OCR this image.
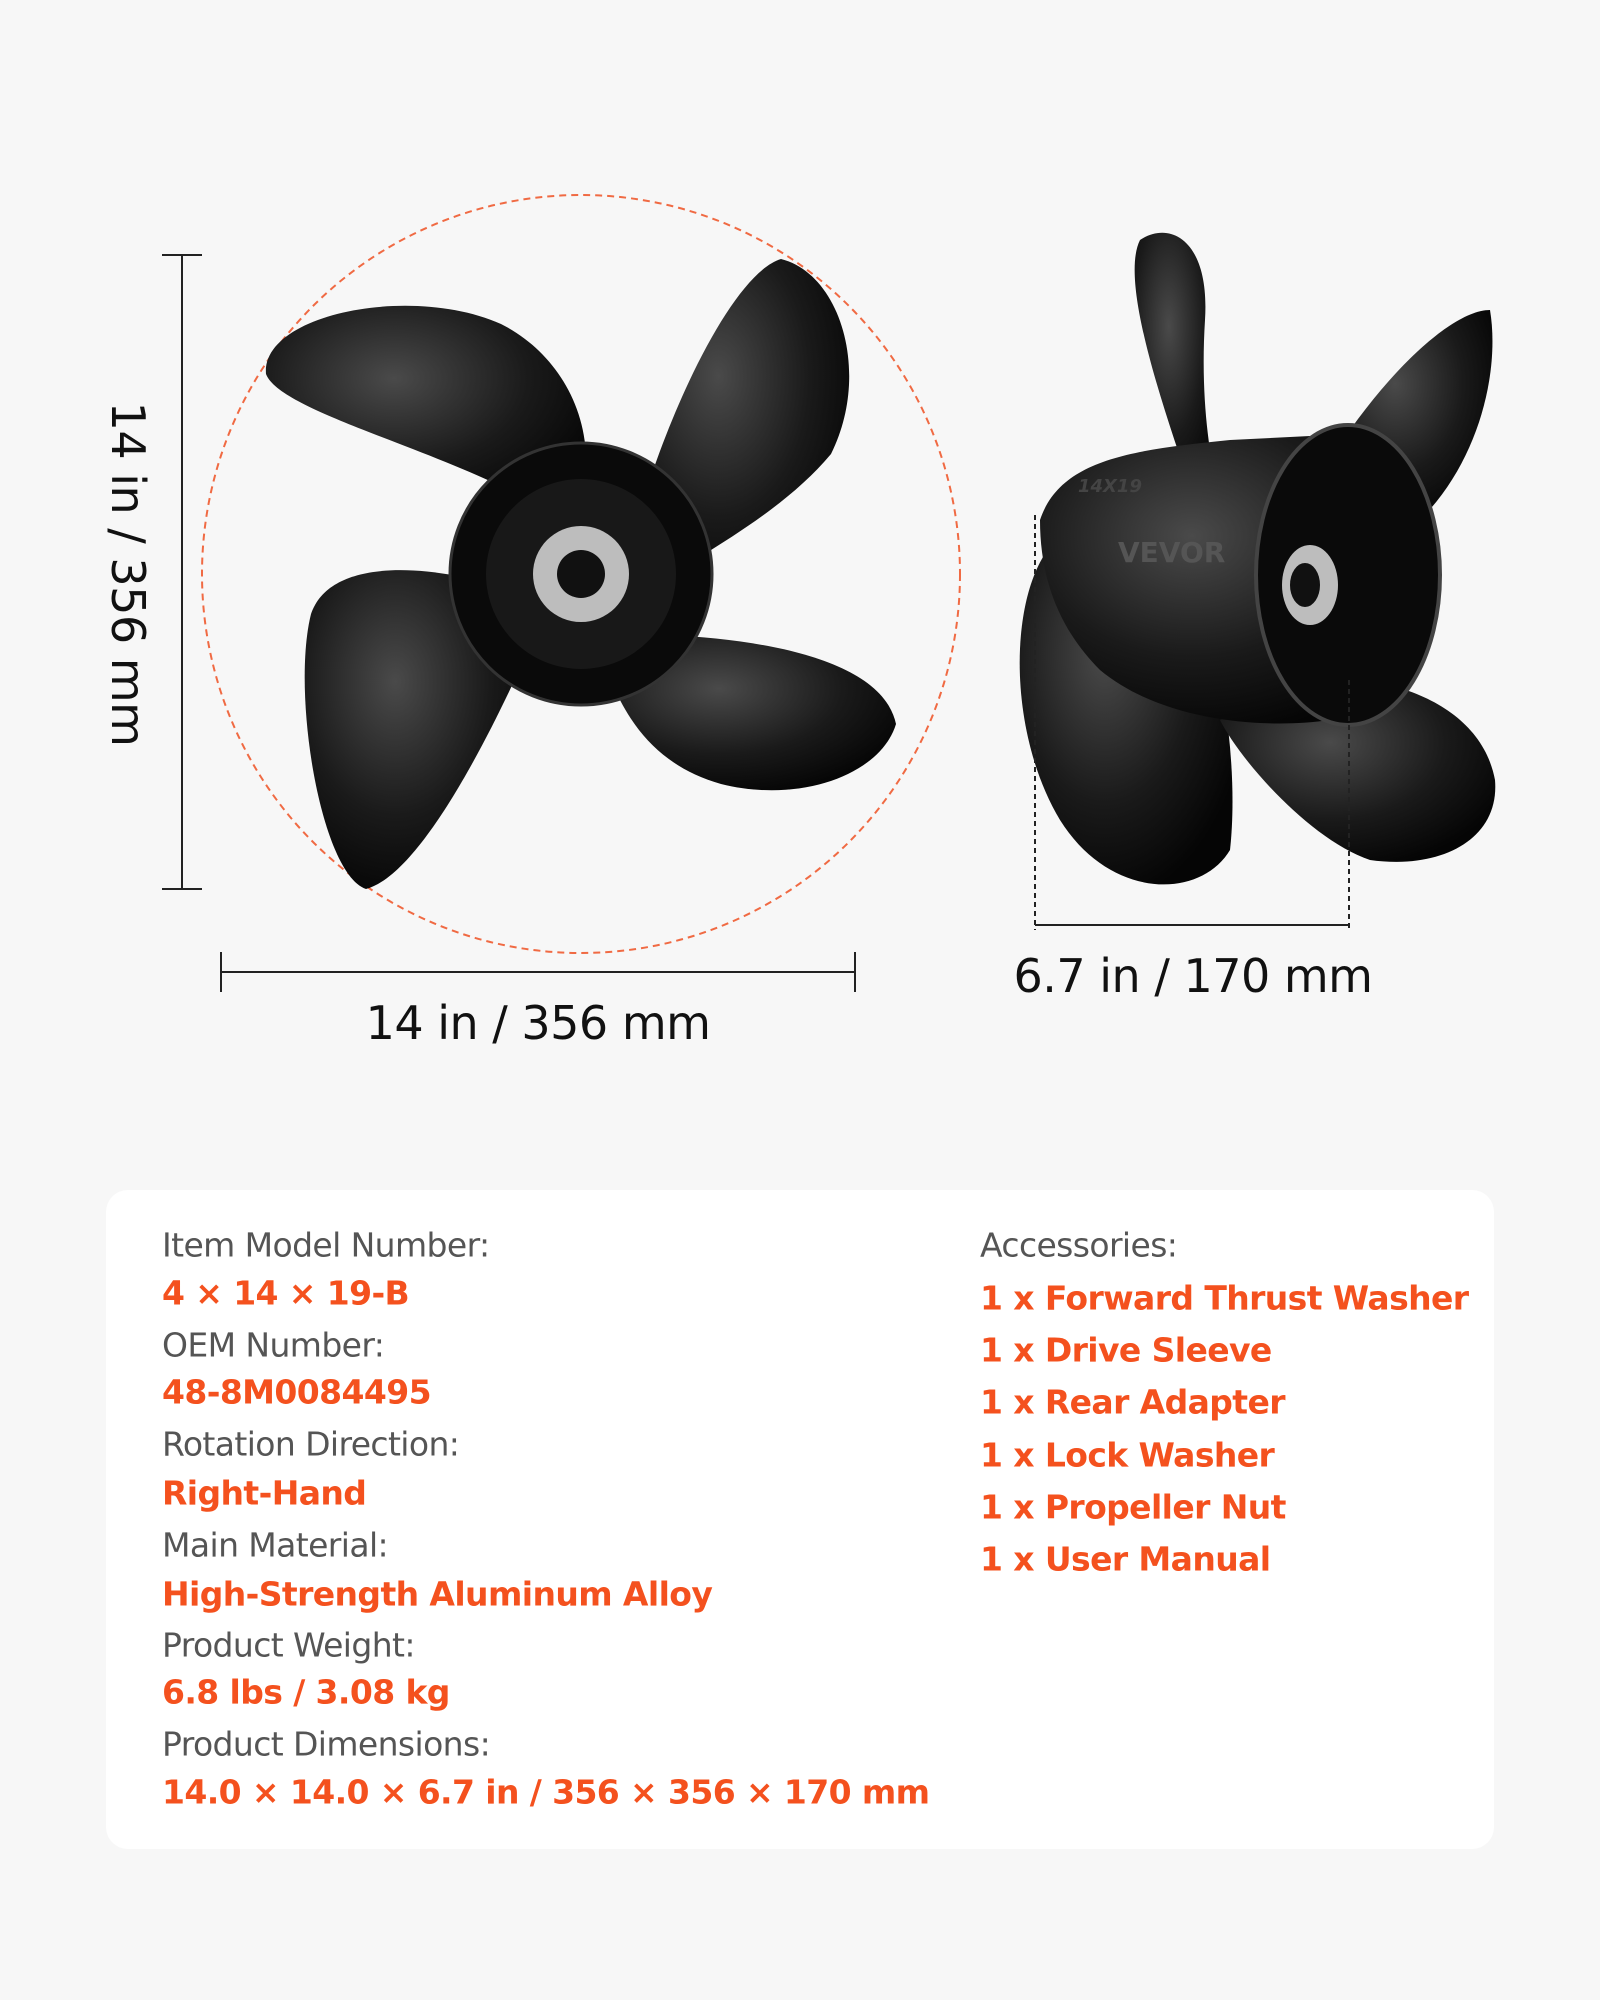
VEVOR
14X19
14 in / 356 mm
14 in / 356 mm
6.7 in / 170 mm
Item Model Number:
4 × 14 × 19-B
OEM Number:
48-8M0084495
Rotation Direction:
Right-Hand
Main Material:
High-Strength Aluminum Alloy
Product Weight:
6.8 lbs / 3.08 kg
Product Dimensions:
14.0 × 14.0 × 6.7 in / 356 × 356 × 170 mm
Accessories:
1 x Forward Thrust Washer
1 x Drive Sleeve
1 x Rear Adapter
1 x Lock Washer
1 x Propeller Nut
1 x User Manual
